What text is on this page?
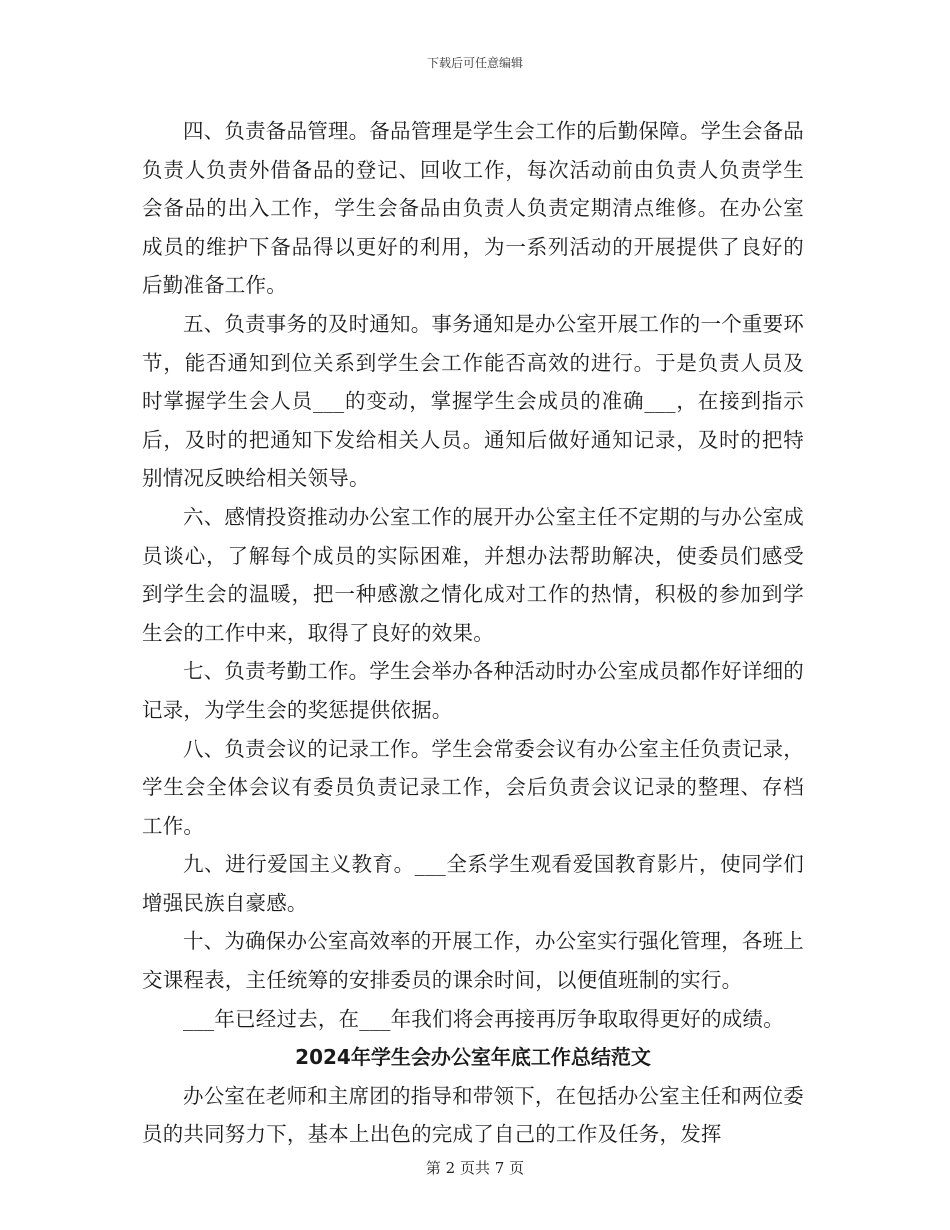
下载后可任意编辑

四、负责备品管理。备品管理是学生会工作的后勤保障。学生会备品负责人负责外借备品的登记、回收工作，每次活动前由负责人负责学生会备品的出入工作，学生会备品由负责人负责定期清点维修。在办公室成员的维护下备品得以更好的利用，为一系列活动的开展提供了良好的后勤准备工作。

五、负责事务的及时通知。事务通知是办公室开展工作的一个重要环节，能否通知到位关系到学生会工作能否高效的进行。于是负责人员及时掌握学生会人员___的变动，掌握学生会成员的准确___，在接到指示后，及时的把通知下发给相关人员。通知后做好通知记录，及时的把特别情况反映给相关领导。

六、感情投资推动办公室工作的展开办公室主任不定期的与办公室成员谈心，了解每个成员的实际困难，并想办法帮助解决，使委员们感受到学生会的温暖，把一种感激之情化成对工作的热情，积极的参加到学生会的工作中来，取得了良好的效果。

七、负责考勤工作。学生会举办各种活动时办公室成员都作好详细的记录，为学生会的奖惩提供依据。

八、负责会议的记录工作。学生会常委会议有办公室主任负责记录，学生会全体会议有委员负责记录工作，会后负责会议记录的整理、存档工作。

九、进行爱国主义教育。___全系学生观看爱国教育影片，使同学们增强民族自豪感。

十、为确保办公室高效率的开展工作，办公室实行强化管理，各班上交课程表，主任统筹的安排委员的课余时间，以便值班制的实行。

___年已经过去，在___年我们将会再接再厉争取取得更好的成绩。

2024年学生会办公室年底工作总结范文

办公室在老师和主席团的指导和带领下，在包括办公室主任和两位委员的共同努力下，基本上出色的完成了自己的工作及任务，发挥

第 2 页共 7 页
